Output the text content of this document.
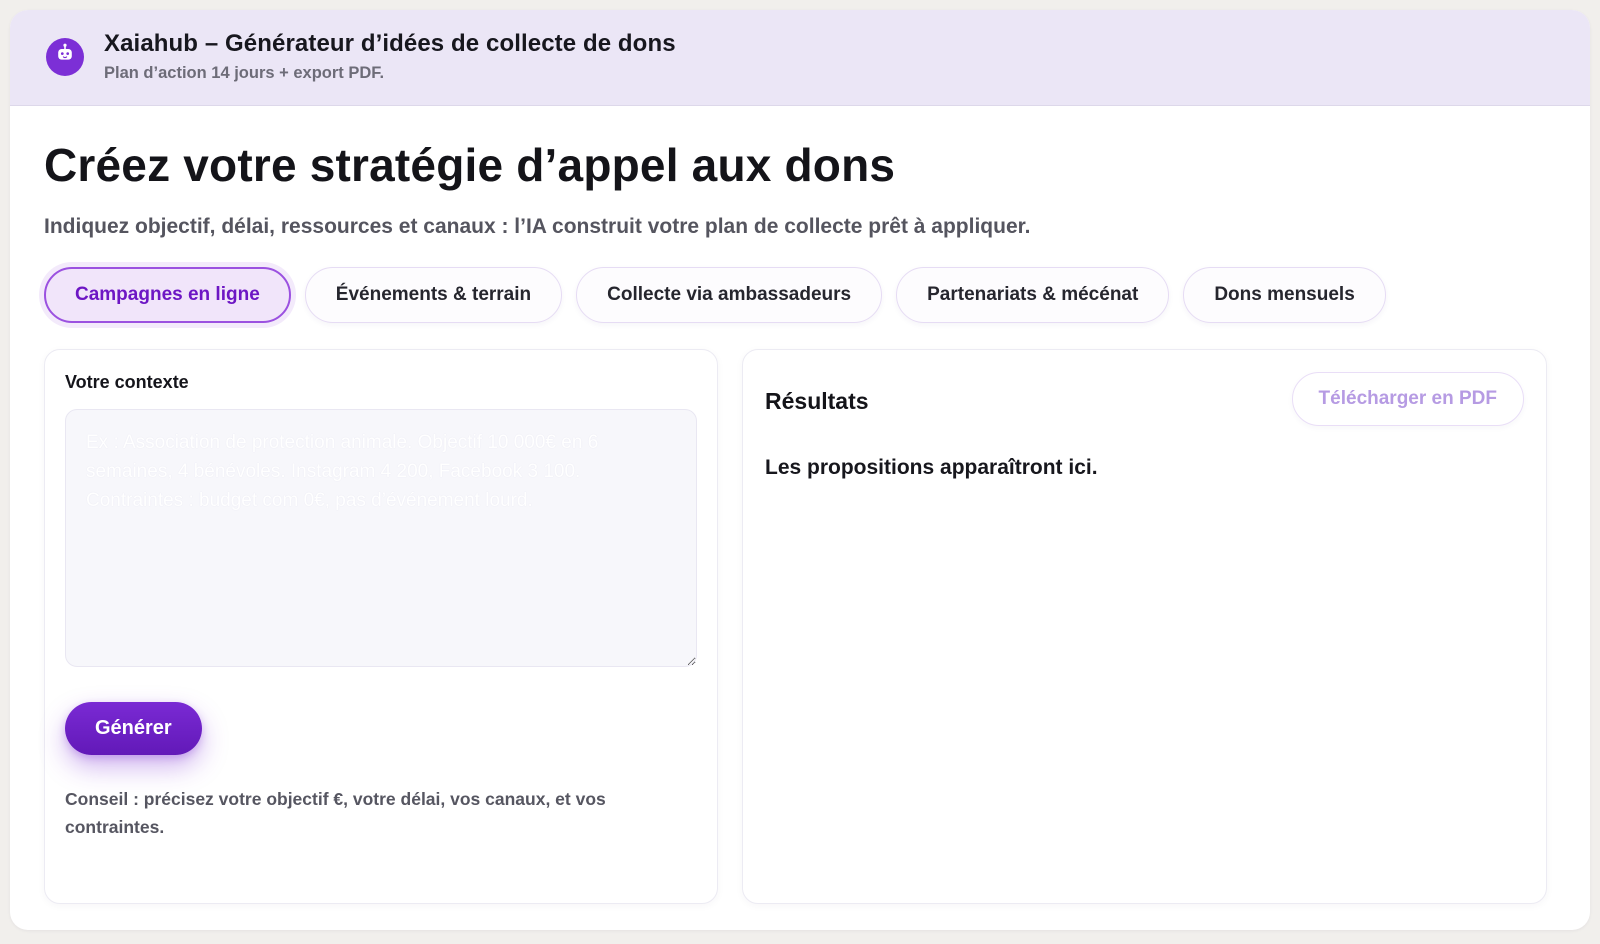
Xaiahub – Générateur d’idées de collecte de dons
Plan d’action 14 jours + export PDF.
Créez votre stratégie d’appel aux dons

Indiquez objectif, délai, ressources et canaux : l’IA construit votre plan de collecte prêt à appliquer.

Campagnes en ligne	Événements & terrain	Collecte via ambassadeurs	Partenariats & mécénat	Dons mensuels
Votre contexte
Ex : Association de protection animale. Objectif 10 000€ en 6 semaines, 4 bénévoles. Instagram 4 200, Facebook 3 100. Contraintes : budget com 0€, pas d’événement lourd. Générer

Conseil : précisez votre objectif €, votre délai, vos canaux, et vos contraintes.

Résultats	Télécharger en PDF

Les propositions apparaîtront ici.
